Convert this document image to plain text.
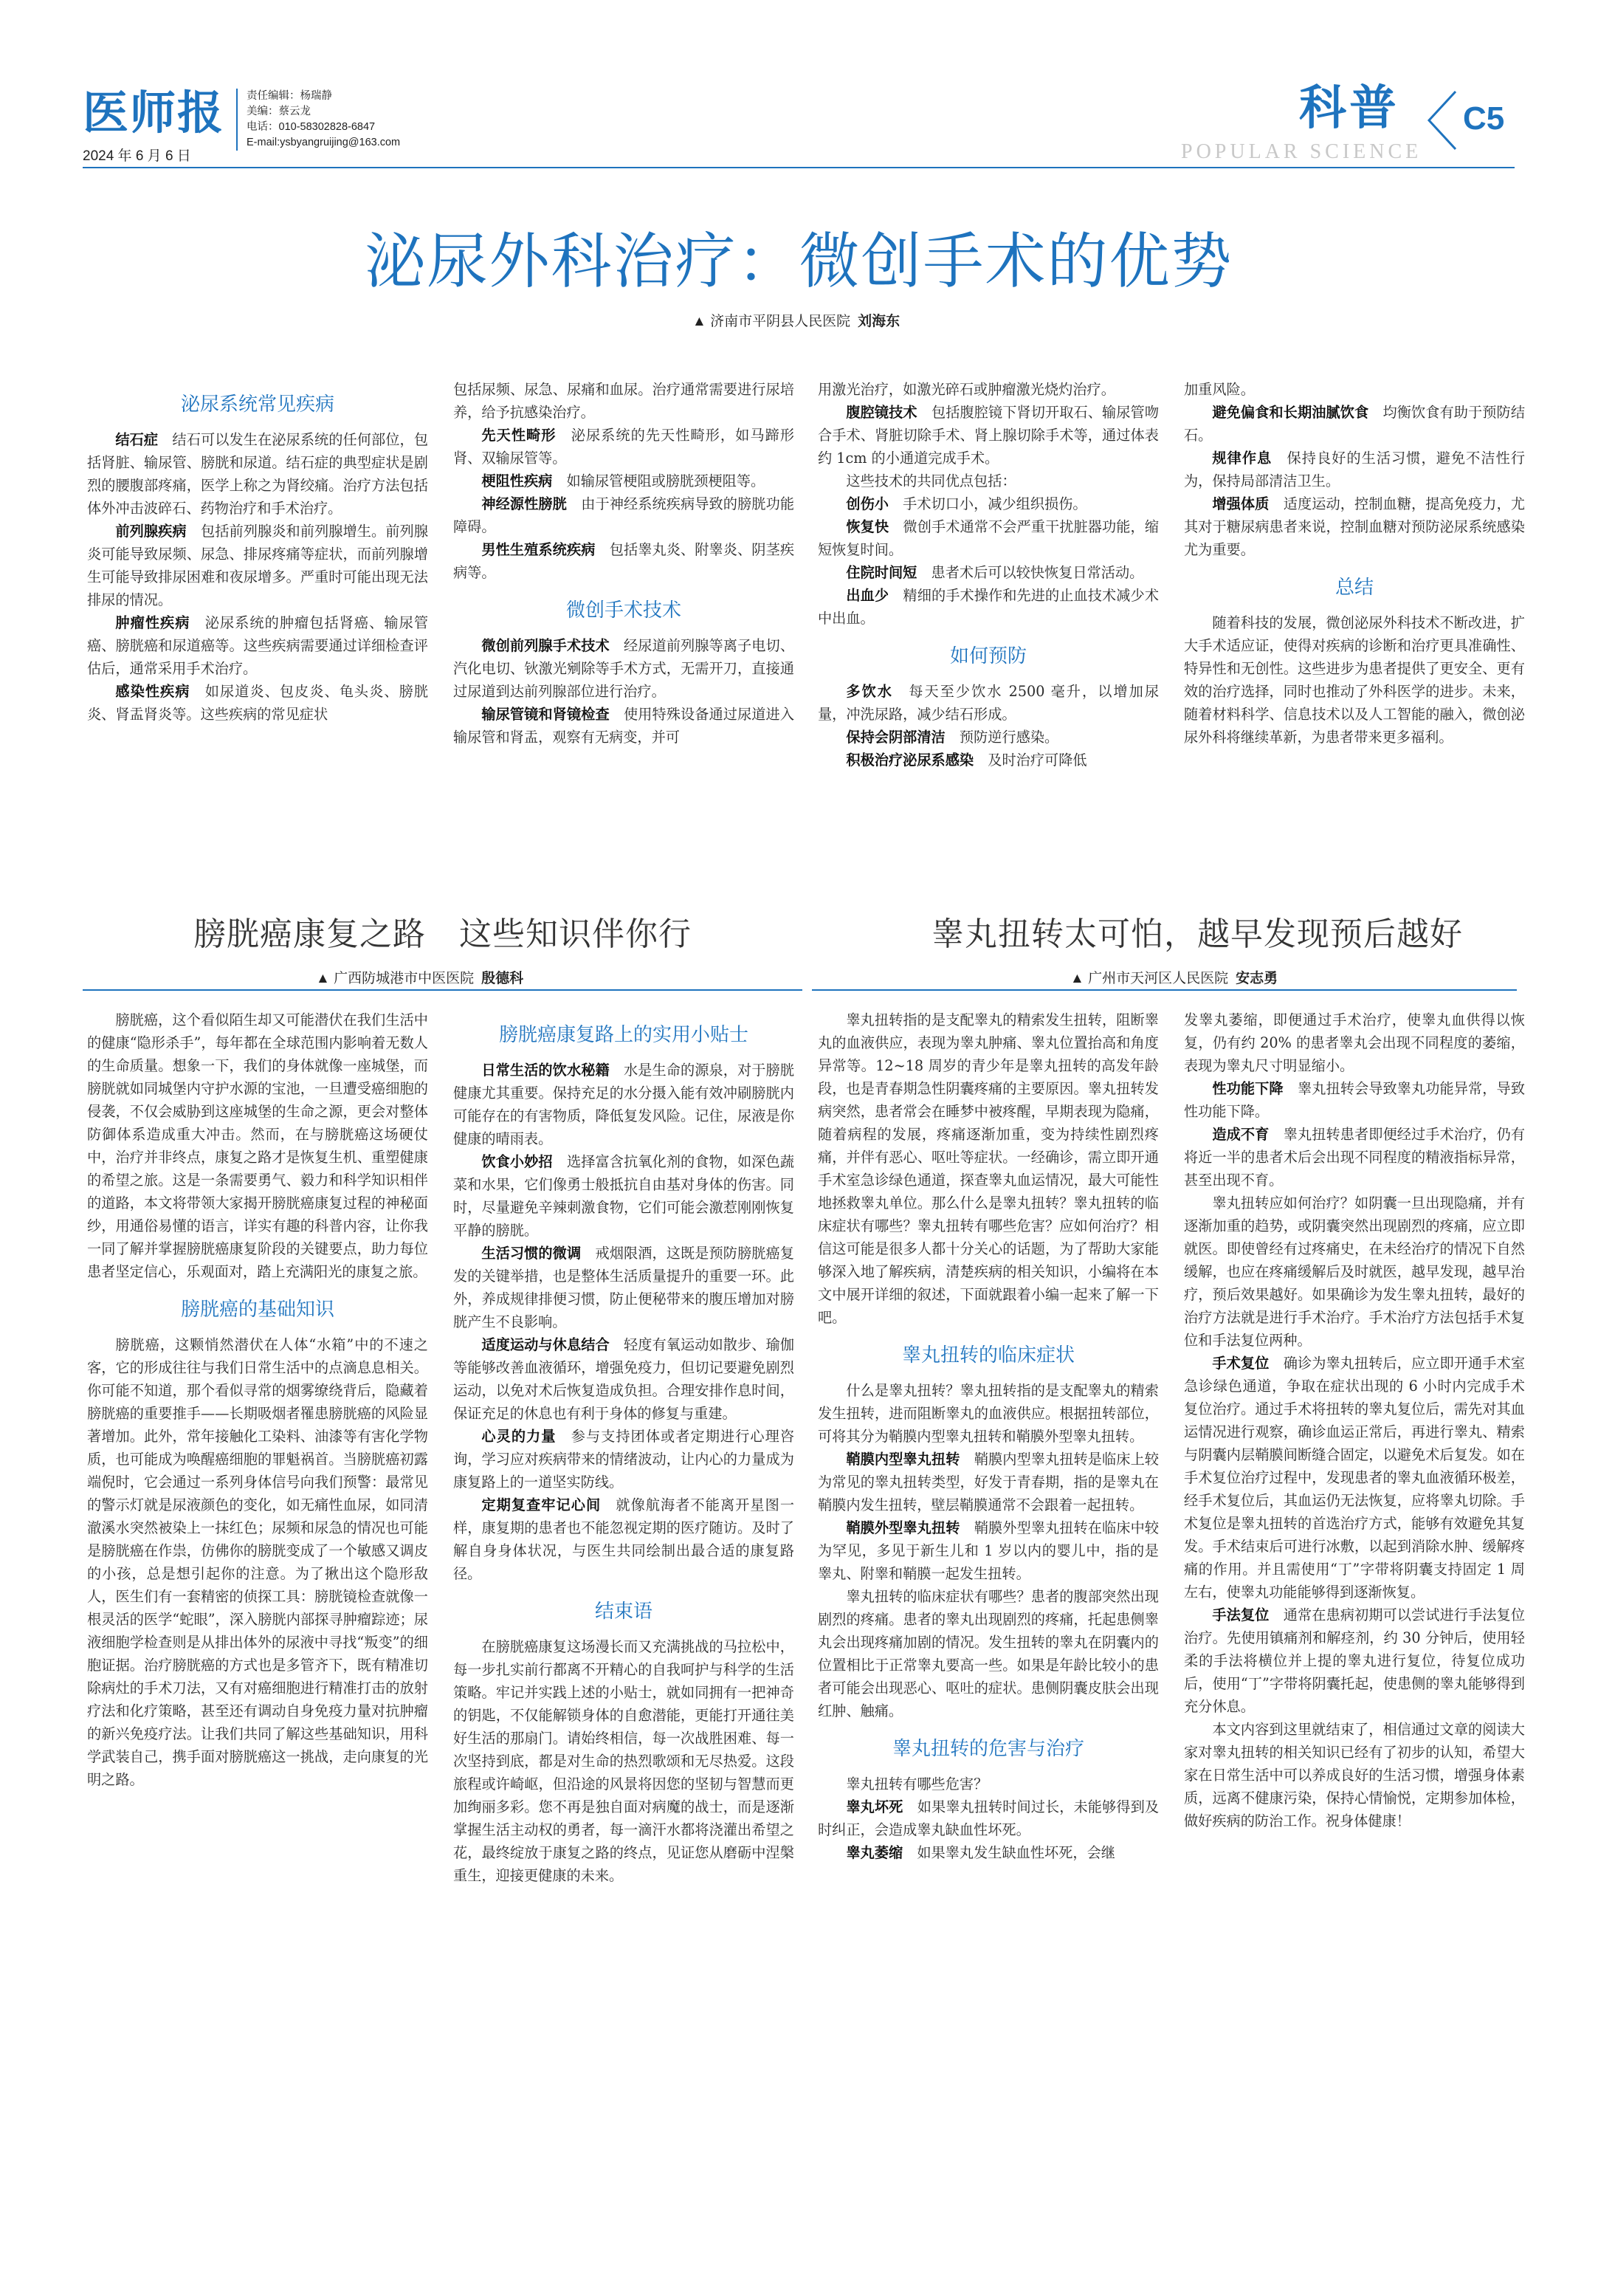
医师报
2024 年 6 月 6 日
责任编辑：杨瑞静
美编：蔡云龙
电话：010-58302828-6847
E-mail:ysbyangruijing@163.com
科普
POPULAR SCIENCE
C5
泌尿外科治疗：微创手术的优势
▲ 济南市平阴县人民医院 刘海东
泌尿系统常见疾病

结石症　结石可以发生在泌尿系统的任何部位，包括肾脏、输尿管、膀胱和尿道。结石症的典型症状是剧烈的腰腹部疼痛，医学上称之为肾绞痛。治疗方法包括体外冲击波碎石、药物治疗和手术治疗。

前列腺疾病　包括前列腺炎和前列腺增生。前列腺炎可能导致尿频、尿急、排尿疼痛等症状，而前列腺增生可能导致排尿困难和夜尿增多。严重时可能出现无法排尿的情况。

肿瘤性疾病　泌尿系统的肿瘤包括肾癌、输尿管癌、膀胱癌和尿道癌等。这些疾病需要通过详细检查评估后，通常采用手术治疗。

感染性疾病　如尿道炎、包皮炎、龟头炎、膀胱炎、肾盂肾炎等。这些疾病的常见症状

包括尿频、尿急、尿痛和血尿。治疗通常需要进行尿培养，给予抗感染治疗。

先天性畸形　泌尿系统的先天性畸形，如马蹄形肾、双输尿管等。

梗阻性疾病　如输尿管梗阻或膀胱颈梗阻等。

神经源性膀胱　由于神经系统疾病导致的膀胱功能障碍。

男性生殖系统疾病　包括睾丸炎、附睾炎、阴茎疾病等。

微创手术技术

微创前列腺手术技术　经尿道前列腺等离子电切、汽化电切、钬激光剜除等手术方式，无需开刀，直接通过尿道到达前列腺部位进行治疗。

输尿管镜和肾镜检查　使用特殊设备通过尿道进入输尿管和肾盂，观察有无病变，并可

用激光治疗，如激光碎石或肿瘤激光烧灼治疗。

腹腔镜技术　包括腹腔镜下肾切开取石、输尿管吻合手术、肾脏切除手术、肾上腺切除手术等，通过体表约 1cm 的小通道完成手术。

这些技术的共同优点包括：

创伤小　手术切口小，减少组织损伤。

恢复快　微创手术通常不会严重干扰脏器功能，缩短恢复时间。

住院时间短　患者术后可以较快恢复日常活动。

出血少　精细的手术操作和先进的止血技术减少术中出血。

如何预防

多饮水　每天至少饮水 2500 毫升，以增加尿量，冲洗尿路，减少结石形成。

保持会阴部清洁　预防逆行感染。

积极治疗泌尿系感染　及时治疗可降低

加重风险。

避免偏食和长期油腻饮食　均衡饮食有助于预防结石。

规律作息　保持良好的生活习惯，避免不洁性行为，保持局部清洁卫生。

增强体质　适度运动，控制血糖，提高免疫力，尤其对于糖尿病患者来说，控制血糖对预防泌尿系统感染尤为重要。

总结

随着科技的发展，微创泌尿外科技术不断改进，扩大手术适应证，使得对疾病的诊断和治疗更具准确性、特异性和无创性。这些进步为患者提供了更安全、更有效的治疗选择，同时也推动了外科医学的进步。未来，随着材料科学、信息技术以及人工智能的融入，微创泌尿外科将继续革新，为患者带来更多福利。

膀胱癌康复之路　这些知识伴你行
▲ 广西防城港市中医医院 殷德科

膀胱癌，这个看似陌生却又可能潜伏在我们生活中的健康“隐形杀手”，每年都在全球范围内影响着无数人的生命质量。想象一下，我们的身体就像一座城堡，而膀胱就如同城堡内守护水源的宝池，一旦遭受癌细胞的侵袭，不仅会威胁到这座城堡的生命之源，更会对整体防御体系造成重大冲击。然而，在与膀胱癌这场硬仗中，治疗并非终点，康复之路才是恢复生机、重塑健康的希望之旅。这是一条需要勇气、毅力和科学知识相伴的道路，本文将带领大家揭开膀胱癌康复过程的神秘面纱，用通俗易懂的语言，详实有趣的科普内容，让你我一同了解并掌握膀胱癌康复阶段的关键要点，助力每位患者坚定信心，乐观面对，踏上充满阳光的康复之旅。

膀胱癌的基础知识

膀胱癌，这颗悄然潜伏在人体“水箱”中的不速之客，它的形成往往与我们日常生活中的点滴息息相关。你可能不知道，那个看似寻常的烟雾缭绕背后，隐藏着膀胱癌的重要推手——长期吸烟者罹患膀胱癌的风险显著增加。此外，常年接触化工染料、油漆等有害化学物质，也可能成为唤醒癌细胞的罪魁祸首。当膀胱癌初露端倪时，它会通过一系列身体信号向我们预警：最常见的警示灯就是尿液颜色的变化，如无痛性血尿，如同清澈溪水突然被染上一抹红色；尿频和尿急的情况也可能是膀胱癌在作祟，仿佛你的膀胱变成了一个敏感又调皮的小孩，总是想引起你的注意。为了揪出这个隐形敌人，医生们有一套精密的侦探工具：膀胱镜检查就像一根灵活的医学“蛇眼”，深入膀胱内部探寻肿瘤踪迹；尿液细胞学检查则是从排出体外的尿液中寻找“叛变”的细胞证据。治疗膀胱癌的方式也是多管齐下，既有精准切除病灶的手术刀法，又有对癌细胞进行精准打击的放射疗法和化疗策略，甚至还有调动自身免疫力量对抗肿瘤的新兴免疫疗法。让我们共同了解这些基础知识，用科学武装自己，携手面对膀胱癌这一挑战，走向康复的光明之路。

膀胱癌康复路上的实用小贴士

日常生活的饮水秘籍　水是生命的源泉，对于膀胱健康尤其重要。保持充足的水分摄入能有效冲刷膀胱内可能存在的有害物质，降低复发风险。记住，尿液是你健康的晴雨表。

饮食小妙招　选择富含抗氧化剂的食物，如深色蔬菜和水果，它们像勇士般抵抗自由基对身体的伤害。同时，尽量避免辛辣刺激食物，它们可能会激惹刚刚恢复平静的膀胱。

生活习惯的微调　戒烟限酒，这既是预防膀胱癌复发的关键举措，也是整体生活质量提升的重要一环。此外，养成规律排便习惯，防止便秘带来的腹压增加对膀胱产生不良影响。

适度运动与休息结合　轻度有氧运动如散步、瑜伽等能够改善血液循环，增强免疫力，但切记要避免剧烈运动，以免对术后恢复造成负担。合理安排作息时间，保证充足的休息也有利于身体的修复与重建。

心灵的力量　参与支持团体或者定期进行心理咨询，学习应对疾病带来的情绪波动，让内心的力量成为康复路上的一道坚实防线。

定期复查牢记心间　就像航海者不能离开星图一样，康复期的患者也不能忽视定期的医疗随访。及时了解自身身体状况，与医生共同绘制出最合适的康复路径。

结束语

在膀胱癌康复这场漫长而又充满挑战的马拉松中，每一步扎实前行都离不开精心的自我呵护与科学的生活策略。牢记并实践上述的小贴士，就如同拥有一把神奇的钥匙，不仅能解锁身体的自愈潜能，更能打开通往美好生活的那扇门。请始终相信，每一次战胜困难、每一次坚持到底，都是对生命的热烈歌颂和无尽热爱。这段旅程或许崎岖，但沿途的风景将因您的坚韧与智慧而更加绚丽多彩。您不再是独自面对病魔的战士，而是逐渐掌握生活主动权的勇者，每一滴汗水都将浇灌出希望之花，最终绽放于康复之路的终点，见证您从磨砺中涅槃重生，迎接更健康的未来。

睾丸扭转太可怕，越早发现预后越好
▲ 广州市天河区人民医院 安志勇

睾丸扭转指的是支配睾丸的精索发生扭转，阻断睾丸的血液供应，表现为睾丸肿痛、睾丸位置抬高和角度异常等。12~18 周岁的青少年是睾丸扭转的高发年龄段，也是青春期急性阴囊疼痛的主要原因。睾丸扭转发病突然，患者常会在睡梦中被疼醒，早期表现为隐痛，随着病程的发展，疼痛逐渐加重，变为持续性剧烈疼痛，并伴有恶心、呕吐等症状。一经确诊，需立即开通手术室急诊绿色通道，探查睾丸血运情况，最大可能性地拯救睾丸单位。那么什么是睾丸扭转？睾丸扭转的临床症状有哪些？睾丸扭转有哪些危害？应如何治疗？相信这可能是很多人都十分关心的话题，为了帮助大家能够深入地了解疾病，清楚疾病的相关知识，小编将在本文中展开详细的叙述，下面就跟着小编一起来了解一下吧。

睾丸扭转的临床症状

什么是睾丸扭转？睾丸扭转指的是支配睾丸的精索发生扭转，进而阻断睾丸的血液供应。根据扭转部位，可将其分为鞘膜内型睾丸扭转和鞘膜外型睾丸扭转。

鞘膜内型睾丸扭转　鞘膜内型睾丸扭转是临床上较为常见的睾丸扭转类型，好发于青春期，指的是睾丸在鞘膜内发生扭转，壁层鞘膜通常不会跟着一起扭转。

鞘膜外型睾丸扭转　鞘膜外型睾丸扭转在临床中较为罕见，多见于新生儿和 1 岁以内的婴儿中，指的是睾丸、附睾和鞘膜一起发生扭转。

睾丸扭转的临床症状有哪些？患者的腹部突然出现剧烈的疼痛。患者的睾丸出现剧烈的疼痛，托起患侧睾丸会出现疼痛加剧的情况。发生扭转的睾丸在阴囊内的位置相比于正常睾丸要高一些。如果是年龄比较小的患者可能会出现恶心、呕吐的症状。患侧阴囊皮肤会出现红肿、触痛。

睾丸扭转的危害与治疗

睾丸扭转有哪些危害？

睾丸坏死　如果睾丸扭转时间过长，未能够得到及时纠正，会造成睾丸缺血性坏死。

睾丸萎缩　如果睾丸发生缺血性坏死，会继

发睾丸萎缩，即便通过手术治疗，使睾丸血供得以恢复，仍有约 20% 的患者睾丸会出现不同程度的萎缩，表现为睾丸尺寸明显缩小。

性功能下降　睾丸扭转会导致睾丸功能异常，导致性功能下降。

造成不育　睾丸扭转患者即便经过手术治疗，仍有将近一半的患者术后会出现不同程度的精液指标异常，甚至出现不育。

睾丸扭转应如何治疗？如阴囊一旦出现隐痛，并有逐渐加重的趋势，或阴囊突然出现剧烈的疼痛，应立即就医。即使曾经有过疼痛史，在未经治疗的情况下自然缓解，也应在疼痛缓解后及时就医，越早发现，越早治疗，预后效果越好。如果确诊为发生睾丸扭转，最好的治疗方法就是进行手术治疗。手术治疗方法包括手术复位和手法复位两种。

手术复位　确诊为睾丸扭转后，应立即开通手术室急诊绿色通道，争取在症状出现的 6 小时内完成手术复位治疗。通过手术将扭转的睾丸复位后，需先对其血运情况进行观察，确诊血运正常后，再进行睾丸、精索与阴囊内层鞘膜间断缝合固定，以避免术后复发。如在手术复位治疗过程中，发现患者的睾丸血液循环极差，经手术复位后，其血运仍无法恢复，应将睾丸切除。手术复位是睾丸扭转的首选治疗方式，能够有效避免其复发。手术结束后可进行冰敷，以起到消除水肿、缓解疼痛的作用。并且需使用“丁”字带将阴囊支持固定 1 周左右，使睾丸功能能够得到逐渐恢复。

手法复位　通常在患病初期可以尝试进行手法复位治疗。先使用镇痛剂和解痉剂，约 30 分钟后，使用轻柔的手法将横位并上提的睾丸进行复位，待复位成功后，使用“丁”字带将阴囊托起，使患侧的睾丸能够得到充分休息。

本文内容到这里就结束了，相信通过文章的阅读大家对睾丸扭转的相关知识已经有了初步的认知，希望大家在日常生活中可以养成良好的生活习惯，增强身体素质，远离不健康污染，保持心情愉悦，定期参加体检，做好疾病的防治工作。祝身体健康！
